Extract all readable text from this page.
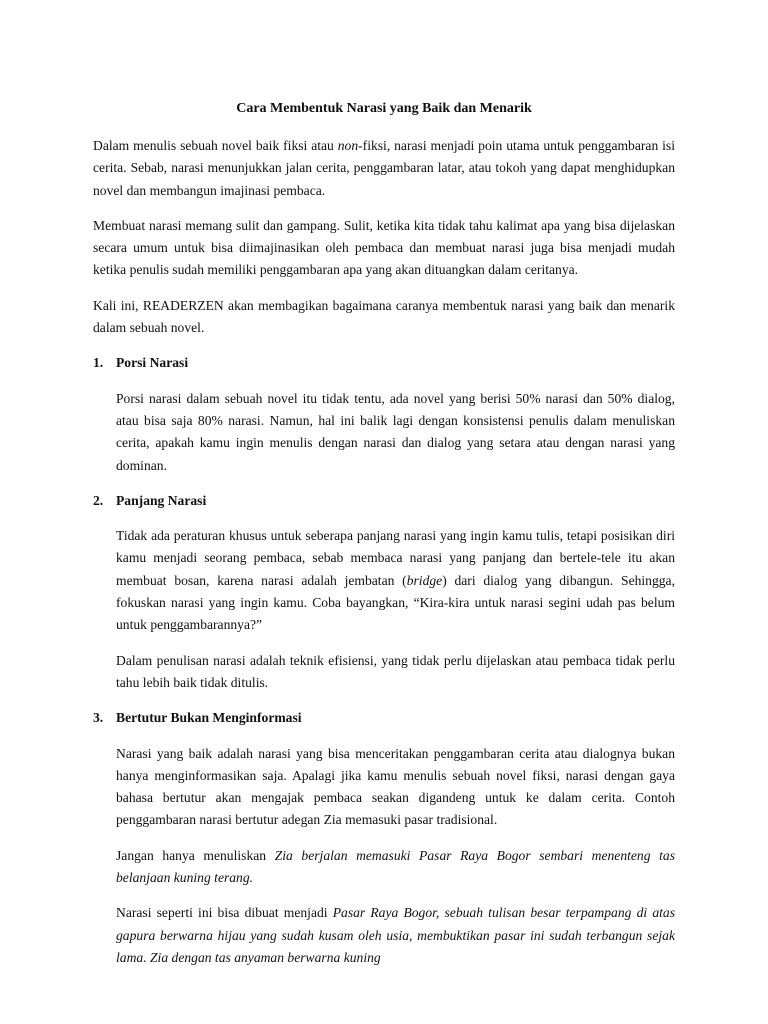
Cara Membentuk Narasi yang Baik dan Menarik

Dalam menulis sebuah novel baik fiksi atau non-fiksi, narasi menjadi poin utama untuk penggambaran isi cerita. Sebab, narasi menunjukkan jalan cerita, penggambaran latar, atau tokoh yang dapat menghidupkan novel dan membangun imajinasi pembaca.

Membuat narasi memang sulit dan gampang. Sulit, ketika kita tidak tahu kalimat apa yang bisa dijelaskan secara umum untuk bisa diimajinasikan oleh pembaca dan membuat narasi juga bisa menjadi mudah ketika penulis sudah memiliki penggambaran apa yang akan dituangkan dalam ceritanya.

Kali ini, READERZEN akan membagikan bagaimana caranya membentuk narasi yang baik dan menarik dalam sebuah novel.

1. Porsi Narasi

Porsi narasi dalam sebuah novel itu tidak tentu, ada novel yang berisi 50% narasi dan 50% dialog, atau bisa saja 80% narasi. Namun, hal ini balik lagi dengan konsistensi penulis dalam menuliskan cerita, apakah kamu ingin menulis dengan narasi dan dialog yang setara atau dengan narasi yang dominan.

2. Panjang Narasi

Tidak ada peraturan khusus untuk seberapa panjang narasi yang ingin kamu tulis, tetapi posisikan diri kamu menjadi seorang pembaca, sebab membaca narasi yang panjang dan bertele-tele itu akan membuat bosan, karena narasi adalah jembatan (bridge) dari dialog yang dibangun. Sehingga, fokuskan narasi yang ingin kamu. Coba bayangkan, “Kira-kira untuk narasi segini udah pas belum untuk penggambarannya?”

Dalam penulisan narasi adalah teknik efisiensi, yang tidak perlu dijelaskan atau pembaca tidak perlu tahu lebih baik tidak ditulis.

3. Bertutur Bukan Menginformasi

Narasi yang baik adalah narasi yang bisa menceritakan penggambaran cerita atau dialognya bukan hanya menginformasikan saja. Apalagi jika kamu menulis sebuah novel fiksi, narasi dengan gaya bahasa bertutur akan mengajak pembaca seakan digandeng untuk ke dalam cerita. Contoh penggambaran narasi bertutur adegan Zia memasuki pasar tradisional.

Jangan hanya menuliskan Zia berjalan memasuki Pasar Raya Bogor sembari menenteng tas belanjaan kuning terang.

Narasi seperti ini bisa dibuat menjadi Pasar Raya Bogor, sebuah tulisan besar terpampang di atas gapura berwarna hijau yang sudah kusam oleh usia, membuktikan pasar ini sudah terbangun sejak lama. Zia dengan tas anyaman berwarna kuning
